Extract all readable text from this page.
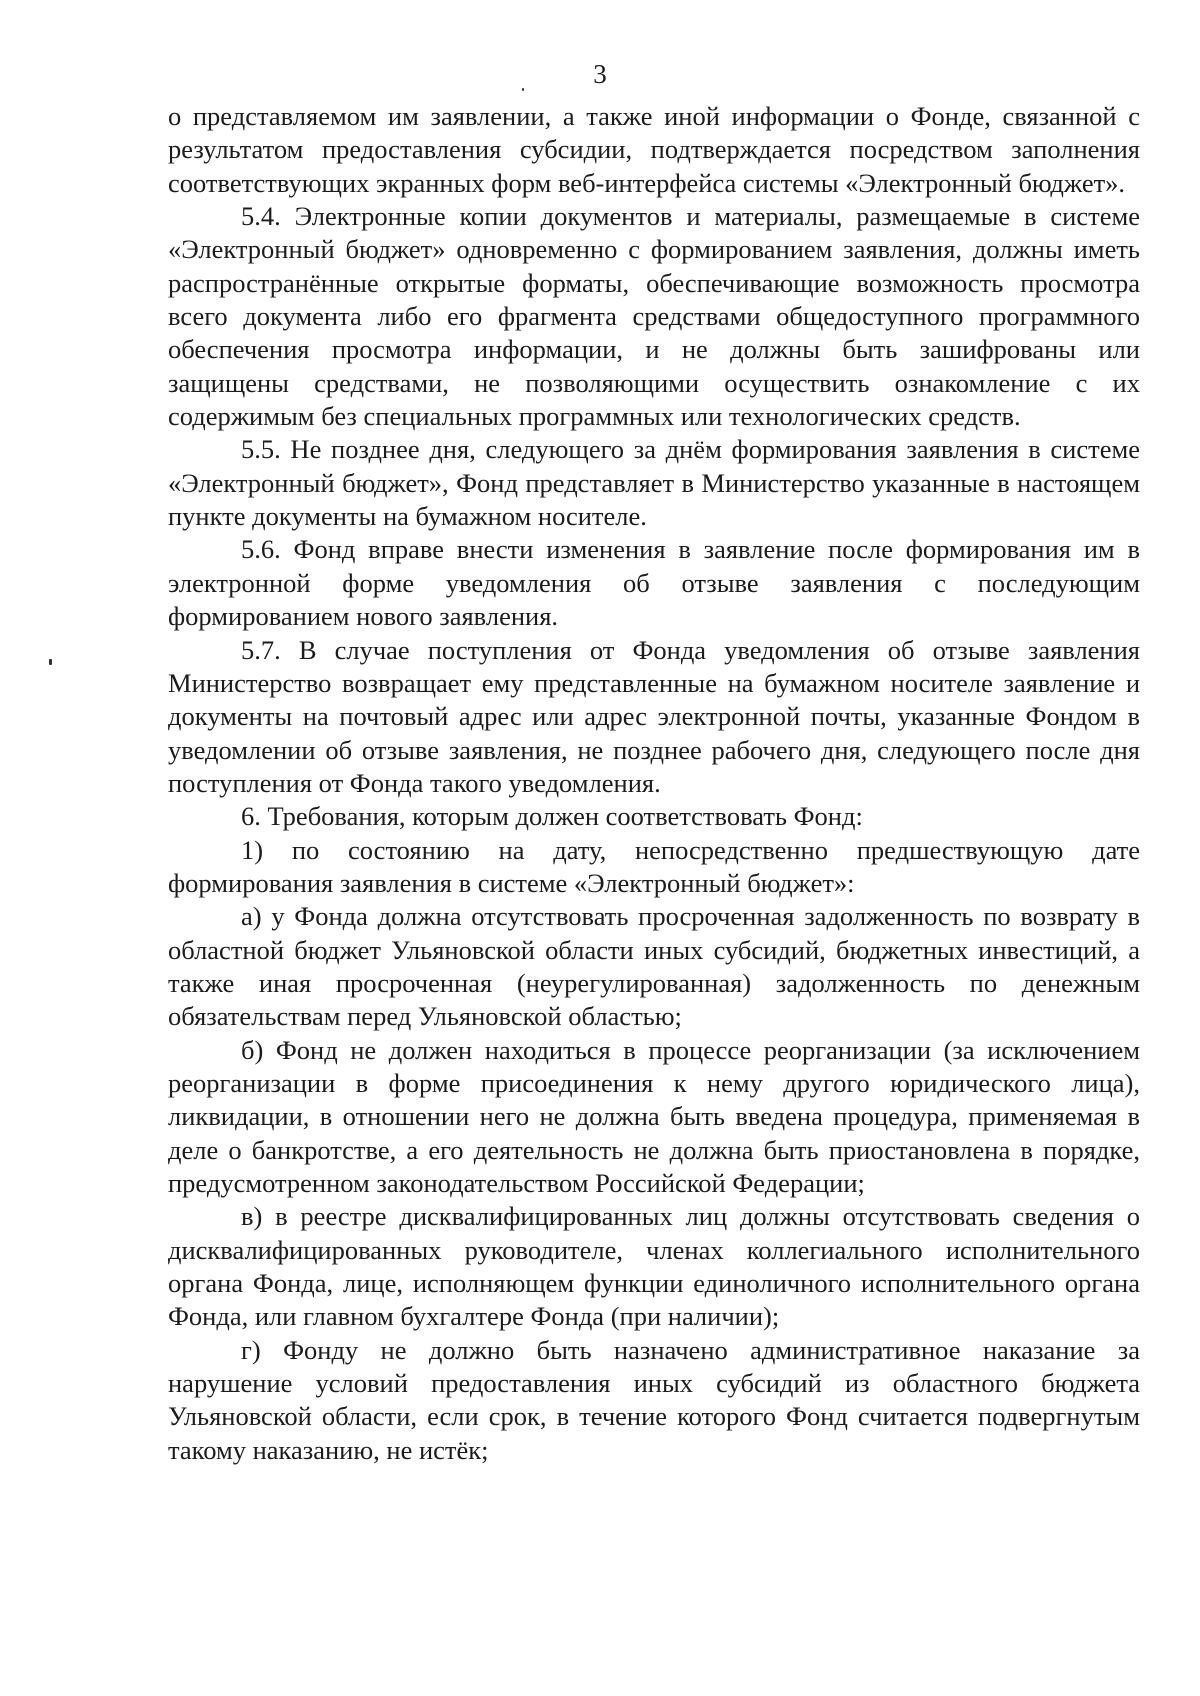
3

о представляемом им заявлении, а также иной информации о Фонде, связанной с результатом предоставления субсидии, подтверждается посредством заполнения соответствующих экранных форм веб-интерфейса системы «Электронный бюджет».

5.4. Электронные копии документов и материалы, размещаемые в системе «Электронный бюджет» одновременно с формированием заявления, должны иметь распространённые открытые форматы, обеспечивающие возможность просмотра всего документа либо его фрагмента средствами общедоступного программного обеспечения просмотра информации, и не должны быть зашифрованы или защищены средствами, не позволяющими осуществить ознакомление с их содержимым без специальных программных или технологических средств.

5.5. Не позднее дня, следующего за днём формирования заявления в системе «Электронный бюджет», Фонд представляет в Министерство указанные в настоящем пункте документы на бумажном носителе.

5.6. Фонд вправе внести изменения в заявление после формирования им в электронной форме уведомления об отзыве заявления с последующим формированием нового заявления.

5.7. В случае поступления от Фонда уведомления об отзыве заявления Министерство возвращает ему представленные на бумажном носителе заявление и документы на почтовый адрес или адрес электронной почты, указанные Фондом в уведомлении об отзыве заявления, не позднее рабочего дня, следующего после дня поступления от Фонда такого уведомления.

6. Требования, которым должен соответствовать Фонд:

1) по состоянию на дату, непосредственно предшествующую дате формирования заявления в системе «Электронный бюджет»:

а) у Фонда должна отсутствовать просроченная задолженность по возврату в областной бюджет Ульяновской области иных субсидий, бюджетных инвестиций, а также иная просроченная (неурегулированная) задолженность по денежным обязательствам перед Ульяновской областью;

б) Фонд не должен находиться в процессе реорганизации (за исключением реорганизации в форме присоединения к нему другого юридического лица), ликвидации, в отношении него не должна быть введена процедура, применяемая в деле о банкротстве, а его деятельность не должна быть приостановлена в порядке, предусмотренном законодательством Российской Федерации;

в) в реестре дисквалифицированных лиц должны отсутствовать сведения о дисквалифицированных руководителе, членах коллегиального исполнительного органа Фонда, лице, исполняющем функции единоличного исполнительного органа Фонда, или главном бухгалтере Фонда (при наличии);

г) Фонду не должно быть назначено административное наказание за нарушение условий предоставления иных субсидий из областного бюджета Ульяновской области, если срок, в течение которого Фонд считается подвергнутым такому наказанию, не истёк;
